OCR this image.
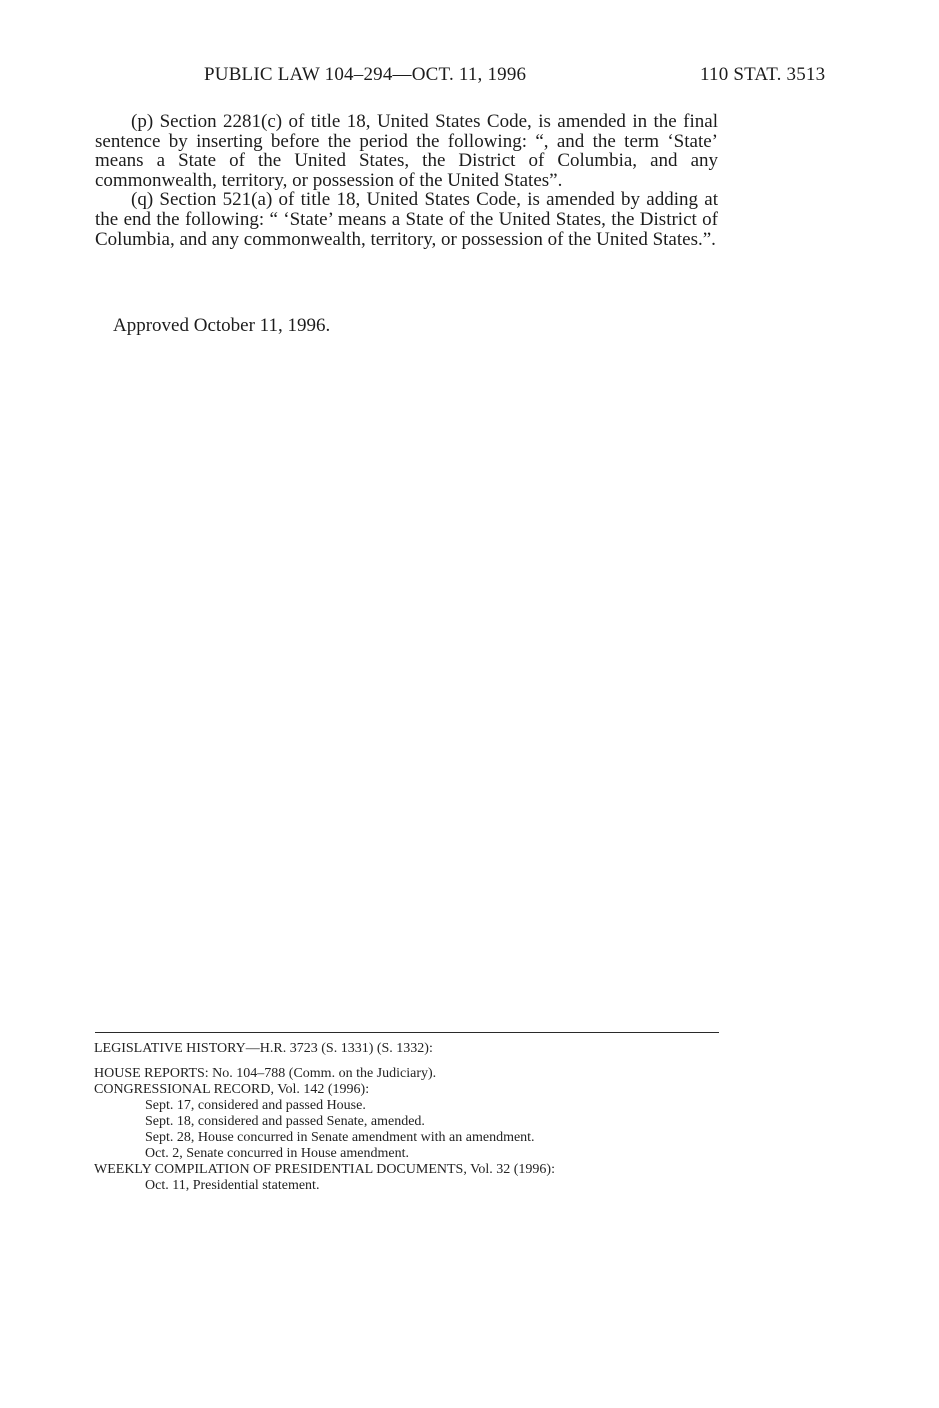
PUBLIC LAW 104–294—OCT. 11, 1996	110 STAT. 3513

(p) Section 2281(c) of title 18, United States Code, is amended in the final sentence by inserting before the period the following: “, and the term ‘State’ means a State of the United States, the District of Columbia, and any commonwealth, territory, or possession of the United States”.

(q) Section 521(a) of title 18, United States Code, is amended by adding at the end the following: “ ‘State’ means a State of the United States, the District of Columbia, and any commonwealth, territory, or possession of the United States.”.

Approved October 11, 1996.
LEGISLATIVE HISTORY—H.R. 3723 (S. 1331) (S. 1332):
HOUSE REPORTS: No. 104–788 (Comm. on the Judiciary).
CONGRESSIONAL RECORD, Vol. 142 (1996):
Sept. 17, considered and passed House.
Sept. 18, considered and passed Senate, amended.
Sept. 28, House concurred in Senate amendment with an amendment.
Oct. 2, Senate concurred in House amendment.
WEEKLY COMPILATION OF PRESIDENTIAL DOCUMENTS, Vol. 32 (1996):
Oct. 11, Presidential statement.
